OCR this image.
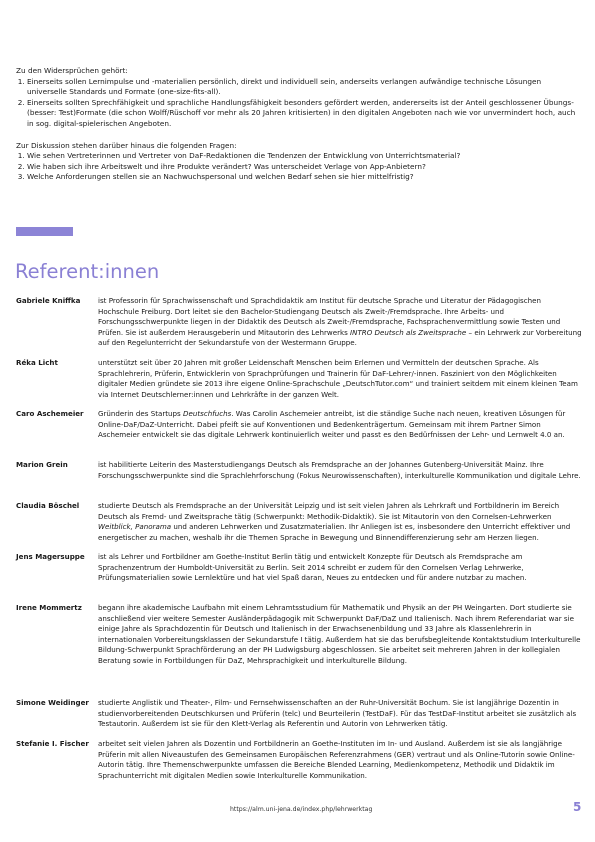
Zu den Widersprüchen gehört:

1. Einerseits sollen Lernimpulse und -materialien persönlich, direkt und individuell sein, anderseits verlangen aufwändige technische Lösungen universelle Standards und Formate (one-size-fits-all).
2. Einerseits sollten Sprechfähigkeit und sprachliche Handlungsfähigkeit besonders gefördert werden, andererseits ist der Anteil geschlossener Übungs- (besser: Test)Formate (die schon Wolff/Rüschoff vor mehr als 20 Jahren kritisierten) in den digitalen Angeboten nach wie vor unvermindert hoch, auch in sog. digital-spielerischen Angeboten.

Zur Diskussion stehen darüber hinaus die folgenden Fragen:

1. Wie sehen Vertreterinnen und Vertreter von DaF-Redaktionen die Tendenzen der Entwicklung von Unterrichtsmaterial?
2. Wie haben sich ihre Arbeitswelt und ihre Produkte verändert? Was unterscheidet Verlage von App-Anbietern?
3. Welche Anforderungen stellen sie an Nachwuchspersonal und welchen Bedarf sehen sie hier mittelfristig?
Referent:innen
Gabriele Kniffka	ist Professorin für Sprachwissenschaft und Sprachdidaktik am Institut für deutsche Sprache und Literatur der Pädagogischen Hochschule Freiburg. Dort leitet sie den Bachelor-Studiengang Deutsch als Zweit-/Fremdsprache. Ihre Arbeits- und Forschungsschwerpunkte liegen in der Didaktik des Deutsch als Zweit-/Fremdsprache, Fachsprachenvermittlung sowie Testen und Prüfen. Sie ist außerdem Herausgeberin und Mitautorin des Lehrwerks INTRO Deutsch als Zweitsprache – ein Lehrwerk zur Vorbereitung auf den Regelunterricht der Sekundarstufe von der Westermann Gruppe.
Réka Licht	unterstützt seit über 20 Jahren mit großer Leidenschaft Menschen beim Erlernen und Vermitteln der deutschen Sprache. Als Sprachlehrerin, Prüferin, Entwicklerin von Sprachprüfungen und Trainerin für DaF-Lehrer/-innen. Fasziniert von den Möglichkeiten digitaler Medien gründete sie 2013 ihre eigene Online-Sprachschule „DeutschTutor.com“ und trainiert seitdem mit einem kleinen Team via Internet Deutschlerner:innen und Lehrkräfte in der ganzen Welt.
Caro Aschemeier	Gründerin des Startups Deutschfuchs. Was Carolin Aschemeier antreibt, ist die ständige Suche nach neuen, kreativen Lösungen für Online-DaF/DaZ-Unterricht. Dabei pfeift sie auf Konventionen und Bedenkenträgertum. Gemeinsam mit ihrem Partner Simon Aschemeier entwickelt sie das digitale Lehrwerk kontinuierlich weiter und passt es den Bedürfnissen der Lehr- und Lernwelt 4.0 an.
Marion Grein	ist habilitierte Leiterin des Masterstudiengangs Deutsch als Fremdsprache an der Johannes Gutenberg-Universität Mainz. Ihre Forschungsschwerpunkte sind die Sprachlehrforschung (Fokus Neurowissenschaften), interkulturelle Kommunikation und digitale Lehre.
Claudia Böschel	studierte Deutsch als Fremdsprache an der Universität Leipzig und ist seit vielen Jahren als Lehrkraft und Fortbildnerin im Bereich Deutsch als Fremd- und Zweitsprache tätig (Schwerpunkt: Methodik-Didaktik). Sie ist Mitautorin von den Cornelsen-Lehrwerken Weitblick, Panorama und anderen Lehrwerken und Zusatzmaterialien. Ihr Anliegen ist es, insbesondere den Unterricht effektiver und energetischer zu machen, weshalb ihr die Themen Sprache in Bewegung und Binnendifferenzierung sehr am Herzen liegen.
Jens Magersuppe	ist als Lehrer und Fortbildner am Goethe-Institut Berlin tätig und entwickelt Konzepte für Deutsch als Fremdsprache am Sprachenzentrum der Humboldt-Universität zu Berlin. Seit 2014 schreibt er zudem für den Cornelsen Verlag Lehrwerke, Prüfungsmaterialien sowie Lernlektüre und hat viel Spaß daran, Neues zu entdecken und für andere nutzbar zu machen.
Irene Mommertz	begann ihre akademische Laufbahn mit einem Lehramtsstudium für Mathematik und Physik an der PH Weingarten. Dort studierte sie anschließend vier weitere Semester Ausländerpädagogik mit Schwerpunkt DaF/DaZ und Italienisch. Nach ihrem Referendariat war sie einige Jahre als Sprachdozentin für Deutsch und Italienisch in der Erwachsenenbildung und 33 Jahre als Klassenlehrerin in internationalen Vorbereitungsklassen der Sekundarstufe I tätig. Außerdem hat sie das berufsbegleitende Kontaktstudium Interkulturelle Bildung-Schwerpunkt Sprachförderung an der PH Ludwigsburg abgeschlossen. Sie arbeitet seit mehreren Jahren in der kollegialen Beratung sowie in Fortbildungen für DaZ, Mehrsprachigkeit und interkulturelle Bildung.
Simone Weidinger	studierte Anglistik und Theater-, Film- und Fernsehwissenschaften an der Ruhr-Universität Bochum. Sie ist langjährige Dozentin in studienvorbereitenden Deutschkursen und Prüferin (telc) und Beurteilerin (TestDaF). Für das TestDaF-Institut arbeitet sie zusätzlich als Testautorin. Außerdem ist sie für den Klett-Verlag als Referentin und Autorin von Lehrwerken tätig.
Stefanie I. Fischer	arbeitet seit vielen Jahren als Dozentin und Fortbildnerin an Goethe-Instituten im In- und Ausland. Außerdem ist sie als langjährige Prüferin mit allen Niveaustufen des Gemeinsamen Europäischen Referenzrahmens (GER) vertraut und als Online-Tutorin sowie Online-Autorin tätig. Ihre Themenschwerpunkte umfassen die Bereiche Blended Learning, Medienkompetenz, Methodik und Didaktik im Sprachunterricht mit digitalen Medien sowie Interkulturelle Kommunikation.
https://alm.uni-jena.de/index.php/lehrwerktag	5
